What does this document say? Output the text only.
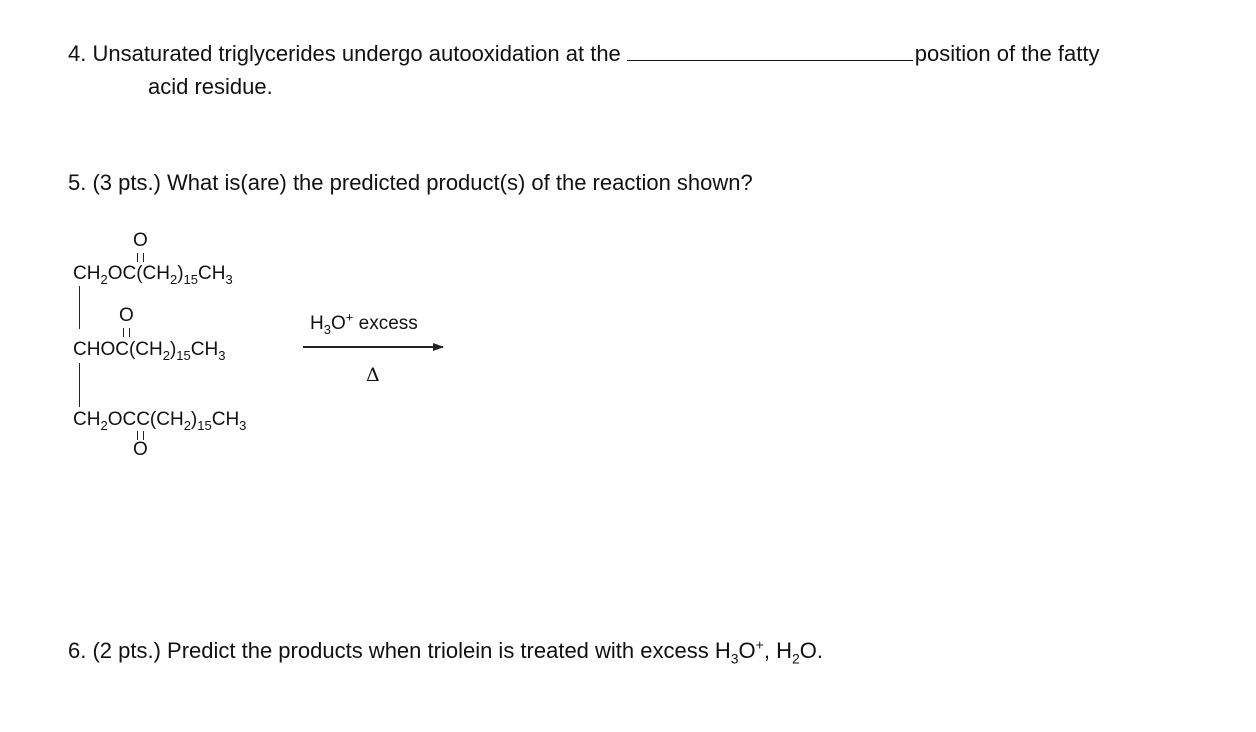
4. Unsaturated triglycerides undergo autooxidation at the	position of the fatty
acid residue.
5. (3 pts.) What is(are) the predicted product(s) of the reaction shown?
O
$CH_2OC(CH_2)_{15}CH_3$
O
$CHOC(CH_2)_{15}CH_3$
$CH_2OCC(CH_2)_{15}CH_3$
O
$H_3O^+$ excess
Δ
6. (2 pts.) Predict the products when triolein is treated with excess $H_3O^+$, $H_2O$.
